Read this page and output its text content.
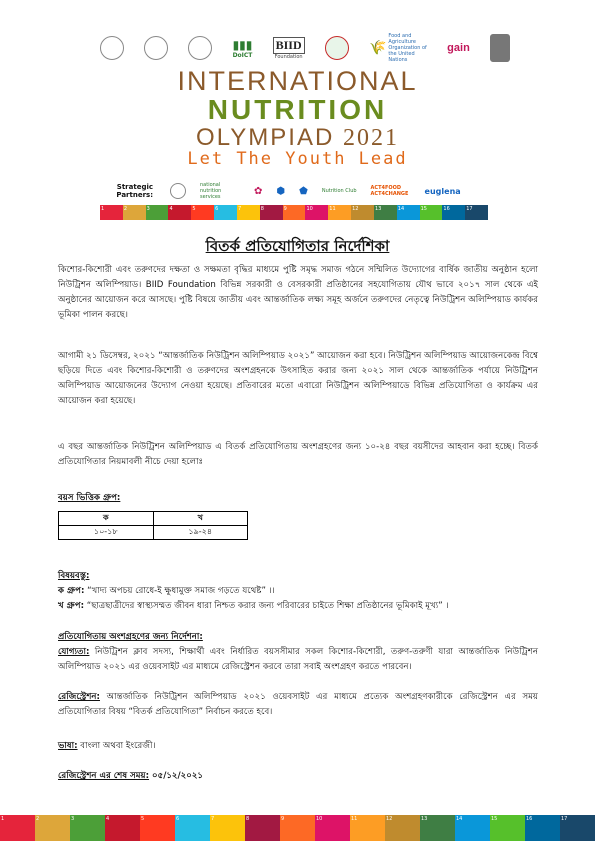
▮▮▮
DoICT
BIID
Foundation
🌾
Food and Agriculture Organization of the United Nations
gain
INTERNATIONAL
NUTRITION
OLYMPIAD 2021
Let The Youth Lead
Strategic Partners:
national nutrition services
✿ ⬢ ⬟	Nutrition Club	ACT4FOOD ACT4CHANGE euglena
1	2	3	4	5	6	7	8	9	10	11	12	13	14	15	16	17
বিতর্ক প্রতিযোগিতার নির্দেশিকা
কিশোর-কিশোরী এবং তরুণদের দক্ষতা ও সক্ষমতা বৃদ্ধির মাধ্যমে পুষ্টি সমৃদ্ধ সমাজ গঠনে সম্মিলিত উদ্যোগের বার্ষিক জাতীয় অনুষ্ঠান হলো নিউট্রিশন অলিম্পিয়াড। BIID Foundation বিভিন্ন সরকারী ও বেসরকারী প্রতিষ্ঠানের সহযোগিতায় যৌথ ভাবে ২০১৭ সাল থেকে এই অনুষ্ঠানের আয়োজন করে আসছে। পুষ্টি বিষয়ে জাতীয় এবং আন্তর্জাতিক লক্ষ্য সমূহ অর্জনে তরুণদের নেতৃত্বে নিউট্রিশন অলিম্পিয়াড কার্যকর ভূমিকা পালন করছে।
আগামী ২১ ডিসেম্বর, ২০২১ “আন্তর্জাতিক নিউট্রিশন অলিম্পিয়াড ২০২১” আয়োজন করা হবে। নিউট্রিশন অলিম্পিয়াড আয়োজনকেন্দ্র বিশ্বে ছড়িয়ে দিতে এবং কিশোর-কিশোরী ও তরুণদের অংশগ্রহনকে উৎসাহিত করার জন্য ২০২১ সাল থেকে আন্তর্জাতিক পর্যায়ে নিউট্রিশন অলিম্পিয়াড আয়োজনের উদ্যোগ নেওয়া হয়েছে। প্রতিবারের মতো এবারো নিউট্রিশন অলিম্পিয়াডে বিভিন্ন প্রতিযোগিতা ও কার্যক্রম এর আয়োজন করা হয়েছে।
এ বছর আন্তর্জাতিক নিউট্রিশন অলিম্পিয়াড এ বিতর্ক প্রতিযোগিতায় অংশগ্রহণের জন্য ১০-২৪ বছর বয়সীদের আহবান করা হচ্ছে। বিতর্ক প্রতিযোগিতার নিয়মাবলী নীচে দেয়া হলোঃ
বয়স ভিত্তিক গ্রুপ:
ক	খ
১০-১৮	১৯-২৪
বিষয়বস্তু:
ক গ্রুপ: “খাদ্য অপচয় রোধে-ই ক্ষুধামুক্ত সমাজ গড়তে যথেষ্ট” ।।
খ গ্রুপ: “ছাত্রছাত্রীদের স্বাস্থ্যসম্মত জীবন ধারা নিশ্চত করার জন্য পরিবারের চাইতে শিক্ষা প্রতিষ্ঠানের ভূমিকাই মূখ্য” ।
প্রতিযোগিতায় অংশগ্রহণের জন্য নির্দেশনা:
যোগ্যতা: নিউট্রিশন ক্লাব সদস্য, শিক্ষার্থী এবং নির্ধারিত বয়সসীমার সকল কিশোর-কিশোরী, তরুণ-তরুণী যারা আন্তর্জাতিক নিউট্রিশন অলিম্পিয়াড ২০২১ এর ওয়েবসাইট এর মাধ্যমে রেজিস্ট্রেশন করবে তারা সবাই অংশগ্রহণ করতে পারবেন।
রেজিস্ট্রেশন: আন্তর্জাতিক নিউট্রিশন অলিম্পিয়াড ২০২১ ওয়েবসাইট এর মাধ্যমে প্রত্যেক অংশগ্রহণকারীকে রেজিস্ট্রেশন এর সময় প্রতিযোগিতার বিষয় “বিতর্ক প্রতিযোগিতা” নির্বাচন করতে হবে।
ভাষা: বাংলা অথবা ইংরেজী।
রেজিস্ট্রেশন এর শেষ সময়: ০৫/১২/২০২১
1	2	3	4	5	6	7	8	9	10	11	12	13	14	15	16	17
